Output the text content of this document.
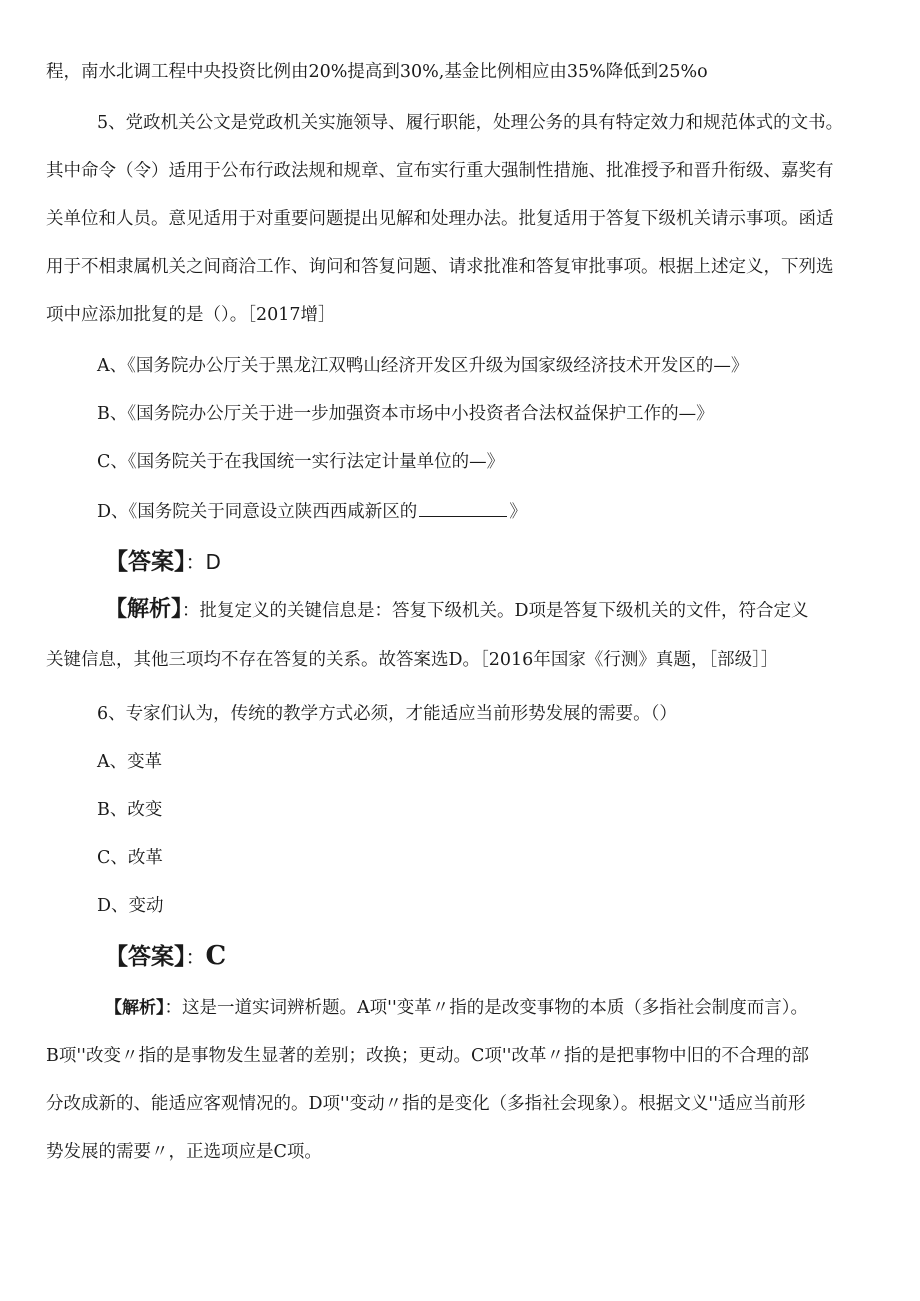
程，南水北调工程中央投资比例由20%提高到30%,基金比例相应由35%降低到25%o
5、党政机关公文是党政机关实施领导、履行职能，处理公务的具有特定效力和规范体式的文书。
其中命令（令）适用于公布行政法规和规章、宣布实行重大强制性措施、批准授予和晋升衔级、嘉奖有
关单位和人员。意见适用于对重要问题提出见解和处理办法。批复适用于答复下级机关请示事项。函适
用于不相隶属机关之间商洽工作、询问和答复问题、请求批准和答复审批事项。根据上述定义，下列选
项中应添加批复的是（）。［2017增］
A、《国务院办公厅关于黑龙江双鸭山经济开发区升级为国家级经济技术开发区的—》
B、《国务院办公厅关于进一步加强资本市场中小投资者合法权益保护工作的—》
C、《国务院关于在我国统一实行法定计量单位的—》
D、《国务院关于同意设立陕西西咸新区的	》
【答案】：D
【解析】：批复定义的关键信息是：答复下级机关。D项是答复下级机关的文件，符合定义
关键信息，其他三项均不存在答复的关系。故答案选D。［2016年国家《行测》真题，［部级］］
6、专家们认为，传统的教学方式必须，才能适应当前形势发展的需要。（）
A、变革
B、改变
C、改革
D、变动
【答案】：C
【解析】：这是一道实词辨析题。A项''变革〃指的是改变事物的本质（多指社会制度而言）。
B项''改变〃指的是事物发生显著的差别；改换；更动。C项''改革〃指的是把事物中旧的不合理的部
分改成新的、能适应客观情况的。D项''变动〃指的是变化（多指社会现象）。根据文义''适应当前形
势发展的需要〃，正选项应是C项。
